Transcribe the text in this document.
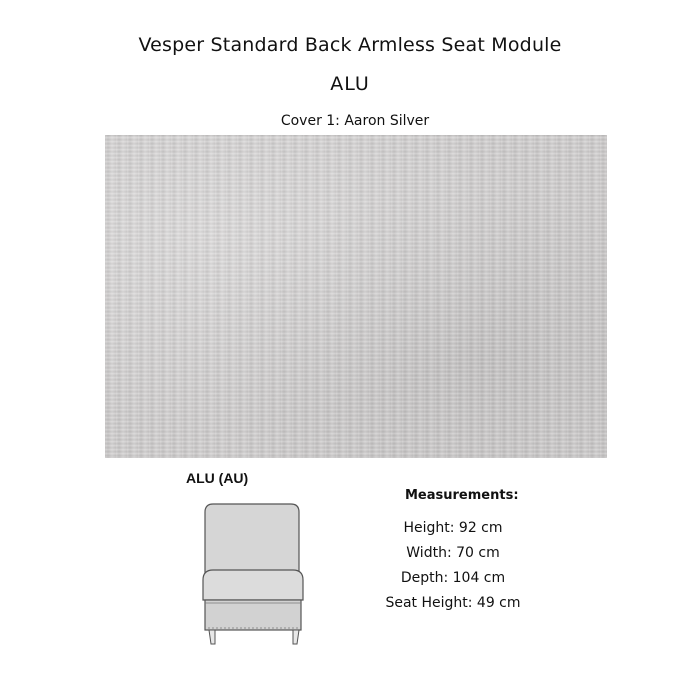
Vesper Standard Back Armless Seat Module
ALU
Cover 1: Aaron Silver
ALU (AU)
Measurements:
Height: 92 cm
Width: 70 cm
Depth: 104 cm
Seat Height: 49 cm
